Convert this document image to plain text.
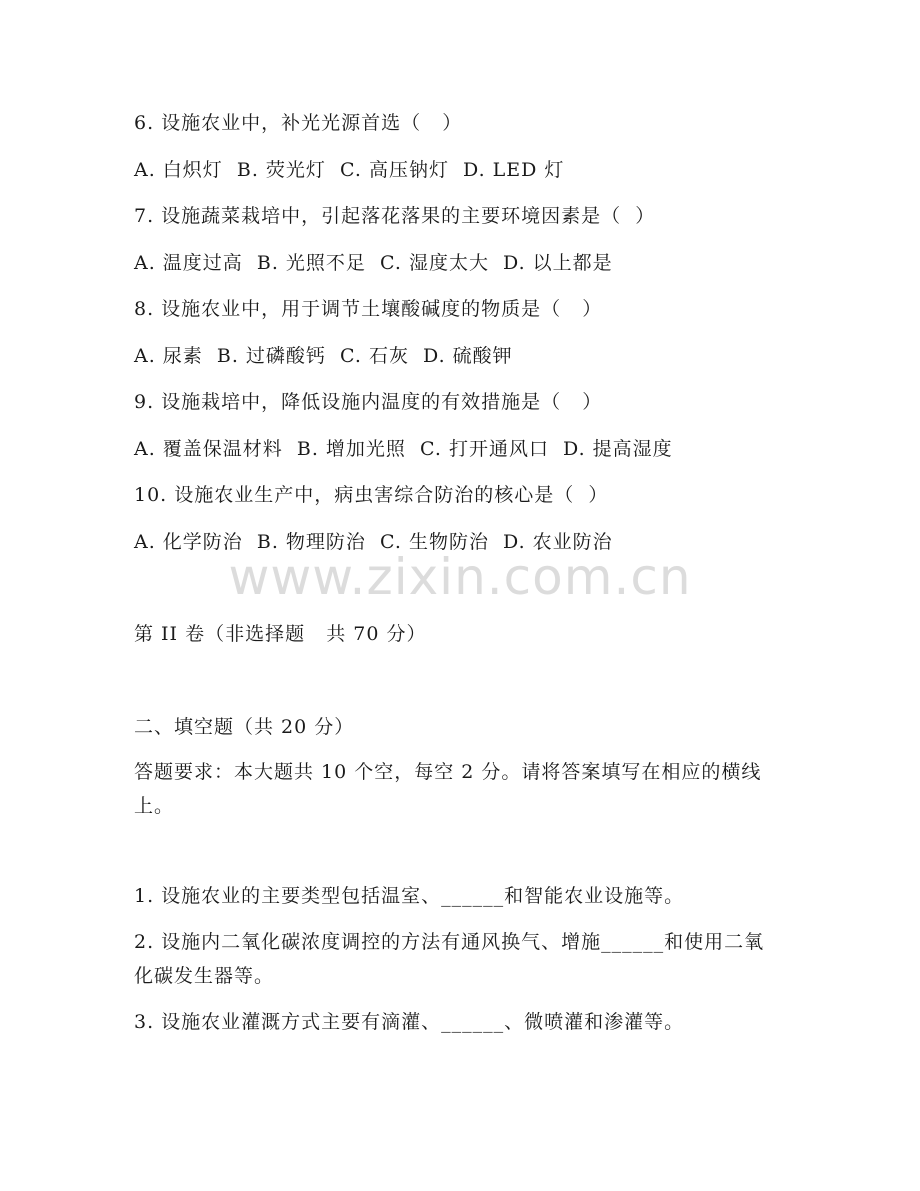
www.zixin.com.cn
6. 设施农业中，补光光源首选（   ）
A. 白炽灯  B. 荧光灯  C. 高压钠灯  D. LED 灯
7. 设施蔬菜栽培中，引起落花落果的主要环境因素是（  ）
A. 温度过高  B. 光照不足  C. 湿度太大  D. 以上都是
8. 设施农业中，用于调节土壤酸碱度的物质是（   ）
A. 尿素  B. 过磷酸钙  C. 石灰  D. 硫酸钾
9. 设施栽培中，降低设施内温度的有效措施是（   ）
A. 覆盖保温材料  B. 增加光照  C. 打开通风口  D. 提高湿度
10. 设施农业生产中，病虫害综合防治的核心是（  ）
A. 化学防治  B. 物理防治  C. 生物防治  D. 农业防治
第 II 卷（非选择题   共 70 分）
二、填空题（共 20 分）
答题要求：本大题共 10 个空，每空 2 分。请将答案填写在相应的横线上。
1. 设施农业的主要类型包括温室、______和智能农业设施等。
2. 设施内二氧化碳浓度调控的方法有通风换气、增施______和使用二氧化碳发生器等。
3. 设施农业灌溉方式主要有滴灌、______、微喷灌和渗灌等。
